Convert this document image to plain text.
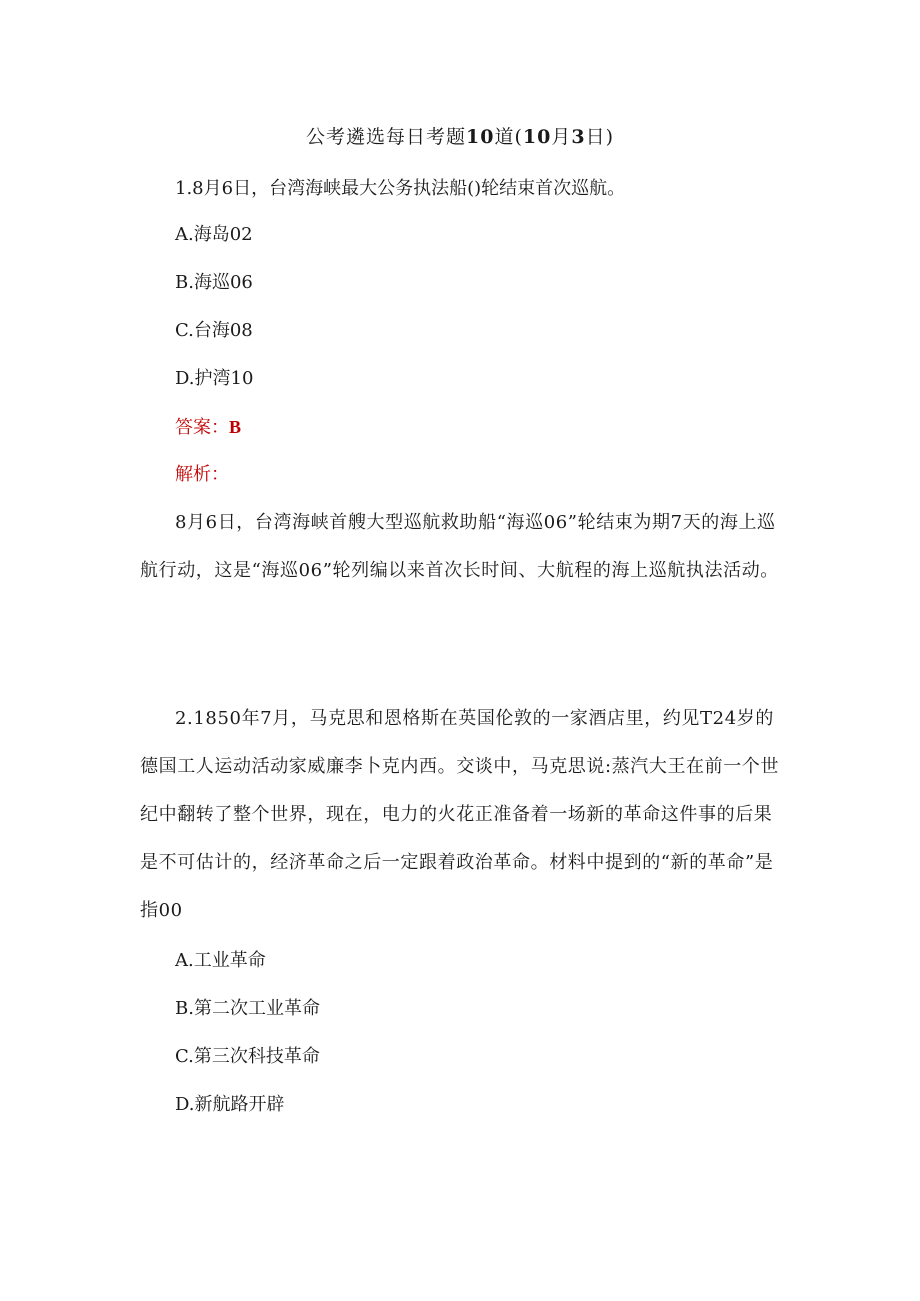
公考遴选每日考题10道(10月3日)
1.8月6日，台湾海峡最大公务执法船()轮结束首次巡航。
A.海岛02
B.海巡06
C.台海08
D.护湾10
答案：B
解析：
8月6日，台湾海峡首艘大型巡航救助船“海巡06”轮结束为期7天的海上巡航行动，这是“海巡06”轮列编以来首次长时间、大航程的海上巡航执法活动。
2.1850年7月，马克思和恩格斯在英国伦敦的一家酒店里，约见T24岁的德国工人运动活动家威廉李卜克内西。交谈中，马克思说:蒸汽大王在前一个世纪中翻转了整个世界，现在，电力的火花正准备着一场新的革命这件事的后果是不可估计的，经济革命之后一定跟着政治革命。材料中提到的“新的革命”是指00
A.工业革命
B.第二次工业革命
C.第三次科技革命
D.新航路开辟
